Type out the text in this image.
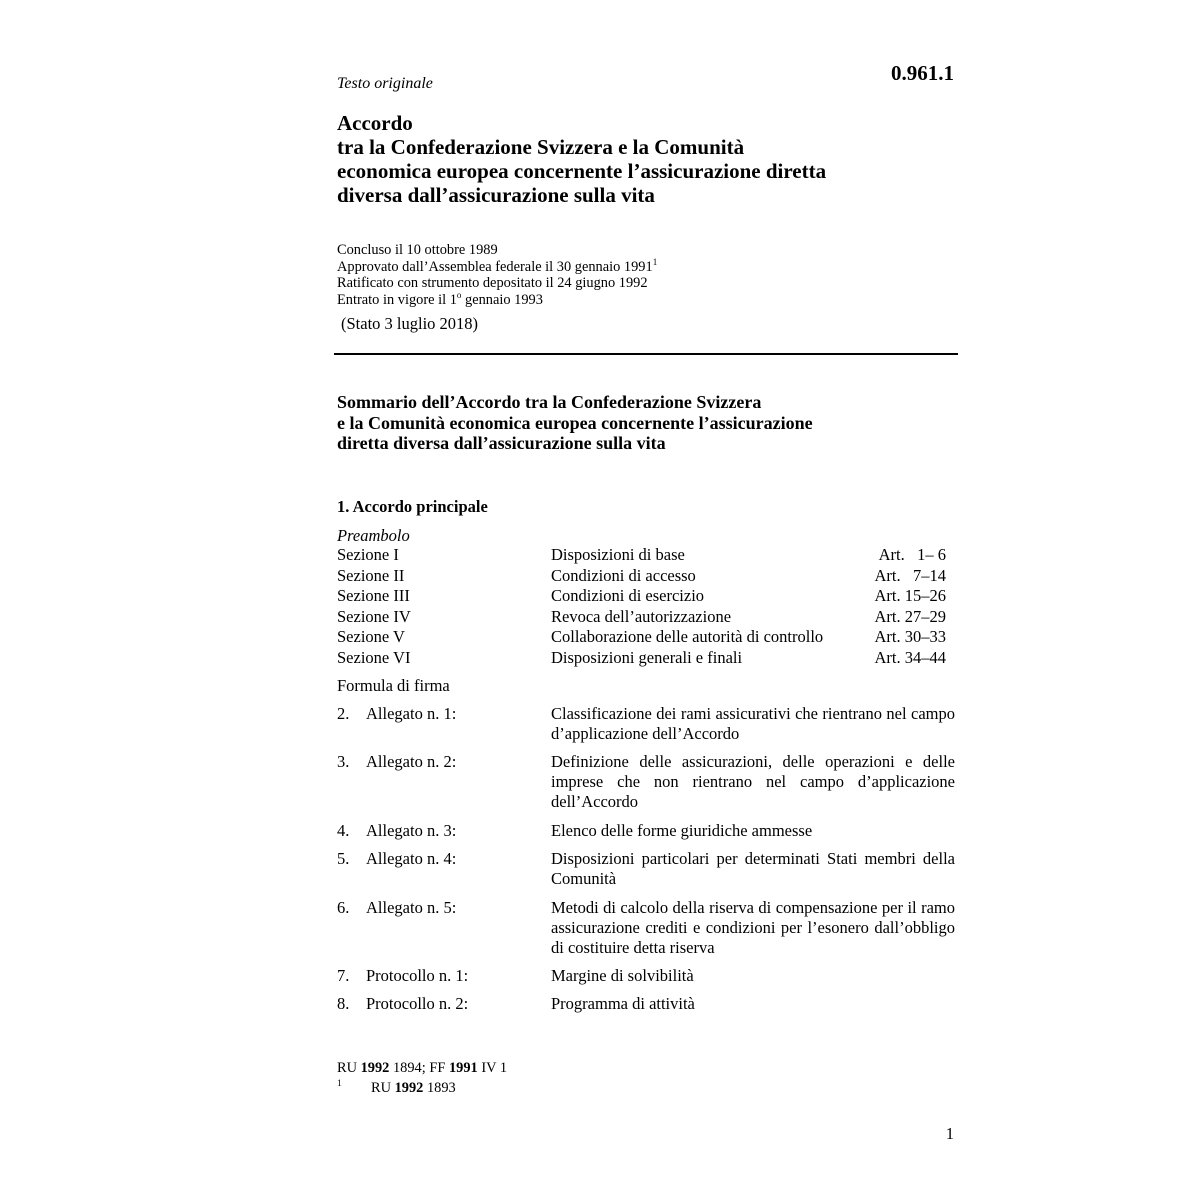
Testo originale	0.961.1
Accordo
tra la Confederazione Svizzera e la Comunità
economica europea concernente l’assicurazione diretta
diversa dall’assicurazione sulla vita
Concluso il 10 ottobre 1989
Approvato dall’Assemblea federale il 30 gennaio 1991$^1$
Ratificato con strumento depositato il 24 giugno 1992
Entrato in vigore il 1$^o$ gennaio 1993
(Stato 3 luglio 2018)
Sommario dell’Accordo tra la Confederazione Svizzera
e la Comunità economica europea concernente l’assicurazione
diretta diversa dall’assicurazione sulla vita
1. Accordo principale
Preambolo
Sezione I	Disposizioni di base	Art.   1– 6
Sezione II	Condizioni di accesso	Art.   7–14
Sezione III	Condizioni di esercizio	Art. 15–26
Sezione IV	Revoca dell’autorizzazione	Art. 27–29
Sezione V	Collaborazione delle autorità di controllo	Art. 30–33
Sezione VI	Disposizioni generali e finali	Art. 34–44
Formula di firma
2. Allegato n. 1:	Classificazione dei rami assicurativi che rientrano nel campo d’applicazione dell’Accordo
3. Allegato n. 2:	Definizione delle assicurazioni, delle operazioni e delle imprese che non rientrano nel campo d’applicazione dell’Accordo
4. Allegato n. 3:	Elenco delle forme giuridiche ammesse
5. Allegato n. 4:	Disposizioni particolari per determinati Stati membri della Comunità
6. Allegato n. 5:	Metodi di calcolo della riserva di compensazione per il ramo assicurazione crediti e condizioni per l’esonero dall’obbligo di costituire detta riserva
7. Protocollo n. 1:	Margine di solvibilità
8. Protocollo n. 2:	Programma di attività
RU 1992 1894; FF 1991 IV 1
1 RU 1992 1893
1
